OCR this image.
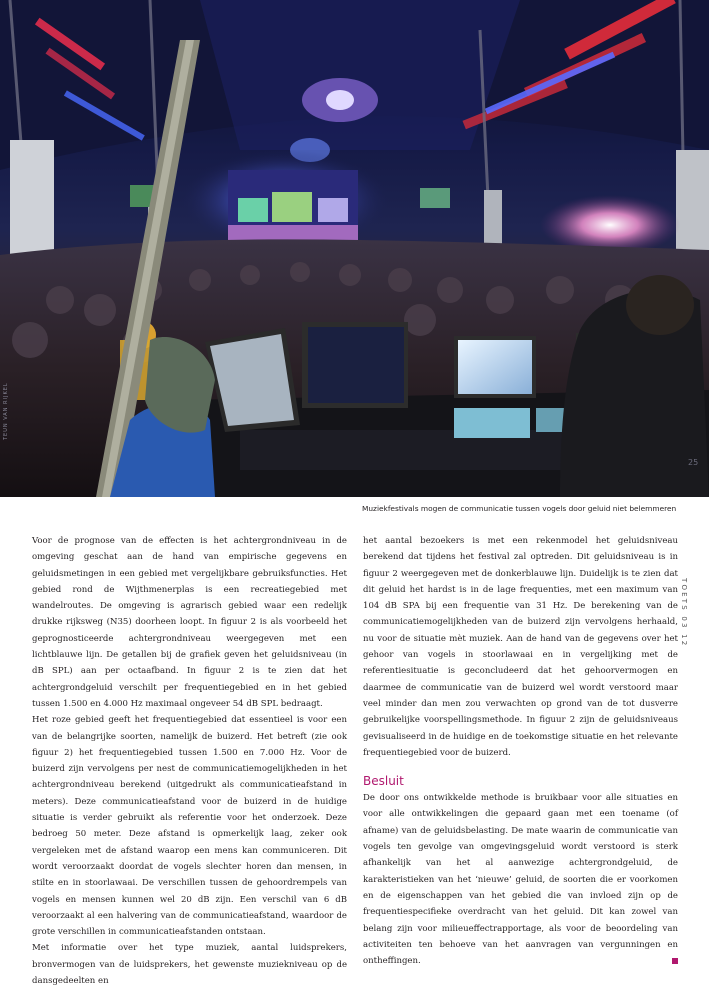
TEUN VAN RIJKEL
25
Muziekfestivals mogen de communicatie tussen vogels door geluid niet belemmeren
TOETS 03 12

Voor de prognose van de effecten is het achtergrondniveau in de omgeving geschat aan de hand van empirische gegevens en geluidsmetingen in een gebied met vergelijkbare gebruiksfuncties. Het gebied rond de Wijthmenerplas is een recreatiegebied met wandelroutes. De omgeving is agrarisch gebied waar een redelijk drukke rijksweg (N35) doorheen loopt. In figuur 2 is als voorbeeld het geprognosticeerde achtergrondniveau weergegeven met een lichtblauwe lijn. De getallen bij de grafiek geven het geluidsniveau (in dB SPL) aan per octaafband. In figuur 2 is te zien dat het achtergrondgeluid verschilt per frequentiegebied en in het gebied tussen 1.500 en 4.000 Hz maximaal ongeveer 54 dB SPL bedraagt.

Het roze gebied geeft het frequentiegebied dat essentieel is voor een van de belangrijke soorten, namelijk de buizerd. Het betreft (zie ook figuur 2) het frequentiegebied tussen 1.500 en 7.000 Hz. Voor de buizerd zijn vervolgens per nest de communicatiemogelijkheden in het achtergrondniveau berekend (uitgedrukt als communicatieafstand in meters). Deze communicatieafstand voor de buizerd in de huidige situatie is verder gebruikt als referentie voor het onderzoek. Deze bedroeg 50 meter. Deze afstand is opmerkelijk laag, zeker ook vergeleken met de afstand waarop een mens kan communiceren. Dit wordt veroorzaakt doordat de vogels slechter horen dan mensen, in stilte en in stoorlawaai. De verschillen tussen de gehoordrempels van vogels en mensen kunnen wel 20 dB zijn. Een verschil van 6 dB veroorzaakt al een halvering van de communicatieafstand, waardoor de grote verschillen in communicatieafstanden ontstaan.

Met informatie over het type muziek, aantal luidsprekers, bronvermogen van de luidsprekers, het gewenste muziekniveau op de dansgedeelten en

het aantal bezoekers is met een rekenmodel het geluidsniveau berekend dat tijdens het festival zal optreden. Dit geluidsniveau is in figuur 2 weergegeven met de donkerblauwe lijn. Duidelijk is te zien dat dit geluid het hardst is in de lage frequenties, met een maximum van 104 dB SPA bij een frequentie van 31 Hz. De berekening van de communicatiemogelijkheden van de buizerd zijn vervolgens herhaald, nu voor de situatie mèt muziek. Aan de hand van de gegevens over het gehoor van vogels in stoorlawaai en in vergelijking met de referentiesituatie is geconcludeerd dat het gehoorvermogen en daarmee de communicatie van de buizerd wel wordt verstoord maar veel minder dan men zou verwachten op grond van de tot dusverre gebruikelijke voorspellingsmethode. In figuur 2 zijn de geluidsniveaus gevisualiseerd in de huidige en de toekomstige situatie en het relevante frequentiegebied voor de buizerd.

Besluit

De door ons ontwikkelde methode is bruikbaar voor alle situaties en voor alle ontwikkelingen die gepaard gaan met een toename (of afname) van de geluidsbelasting. De mate waarin de communicatie van vogels ten gevolge van omgevingsgeluid wordt verstoord is sterk afhankelijk van het al aanwezige achtergrondgeluid, de karakteristieken van het ‘nieuwe’ geluid, de soorten die er voorkomen en de eigenschappen van het gebied die van invloed zijn op de frequentiespecifieke overdracht van het geluid. Dit kan zowel van belang zijn voor milieueffectrapportage, als voor de beoordeling van activiteiten ten behoeve van het aanvragen van vergunningen en ontheffingen.
